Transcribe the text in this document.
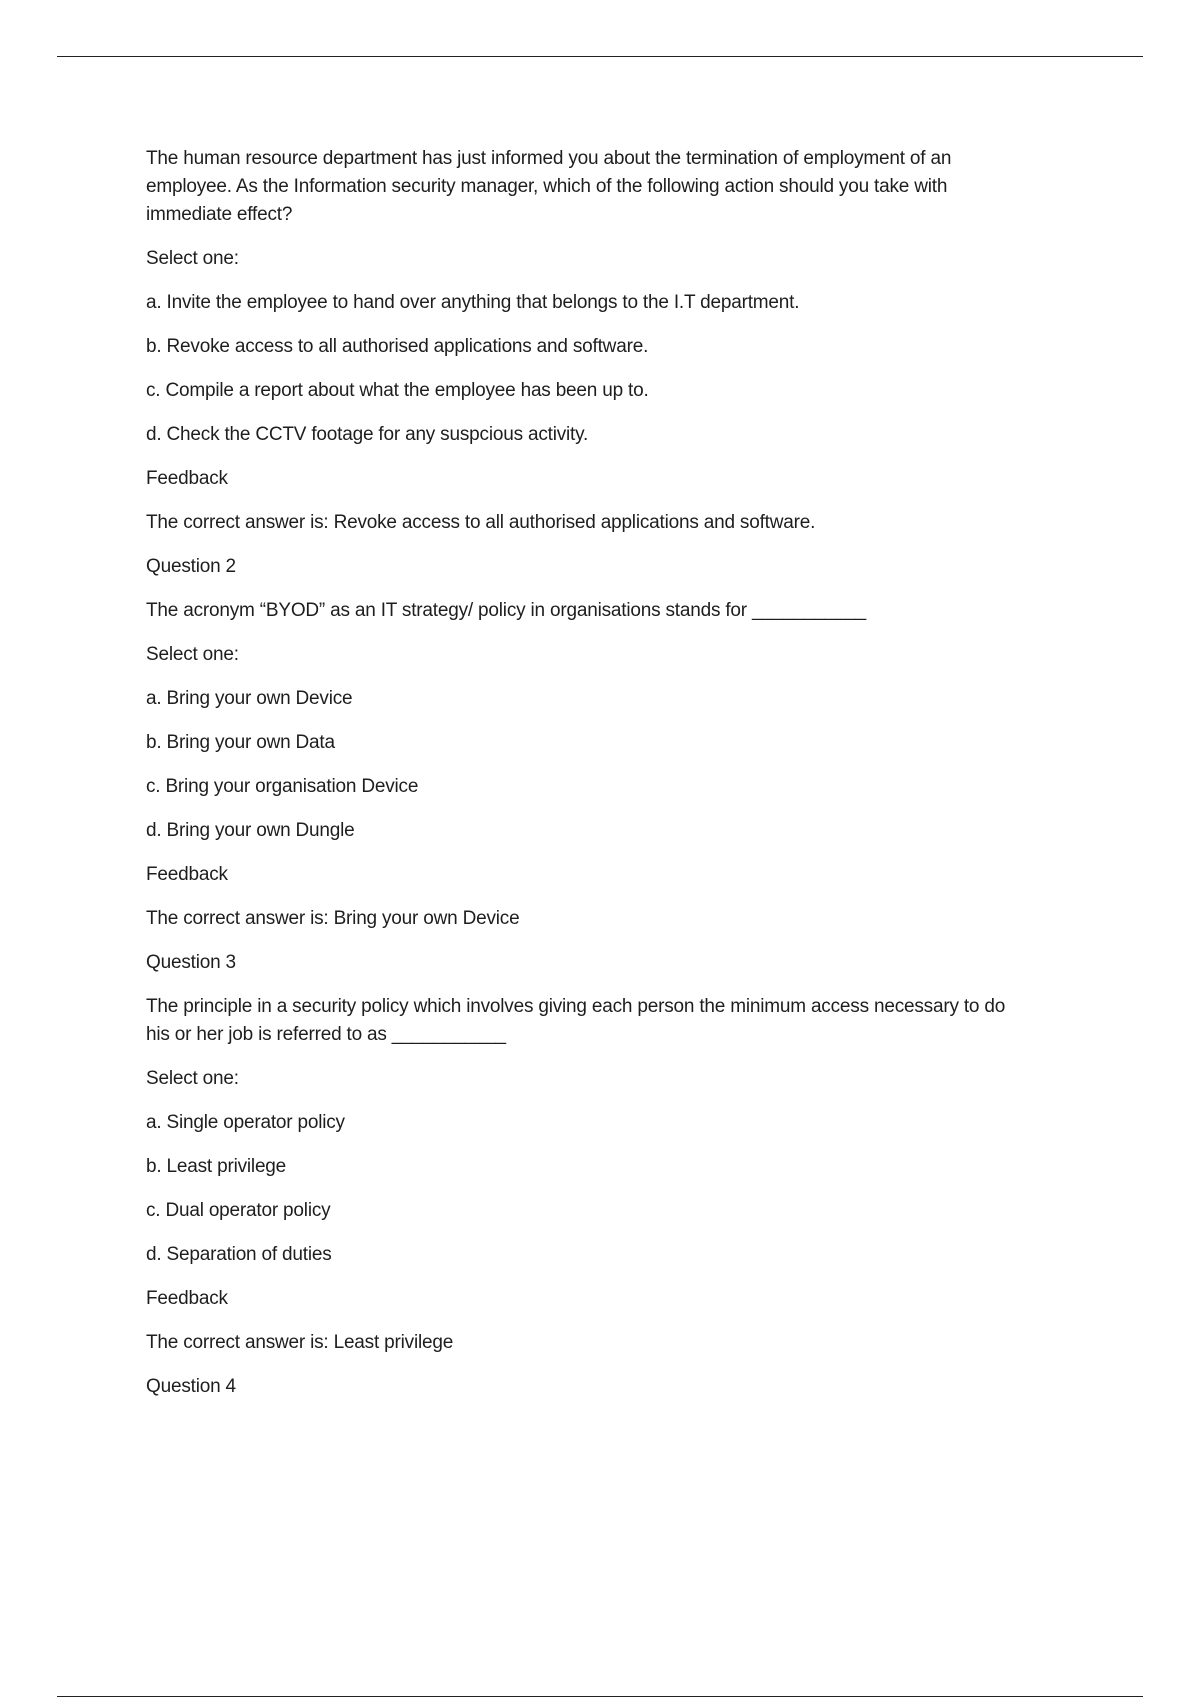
The human resource department has just informed you about the termination of employment of an
employee. As the Information security manager, which of the following action should you take with
immediate effect?
Select one:
a. Invite the employee to hand over anything that belongs to the I.T department.
b. Revoke access to all authorised applications and software.
c. Compile a report about what the employee has been up to.
d. Check the CCTV footage for any suspcious activity.
Feedback
The correct answer is: Revoke access to all authorised applications and software.
Question 2
The acronym “BYOD” as an IT strategy/ policy in organisations stands for ___________
Select one:
a. Bring your own Device
b. Bring your own Data
c. Bring your organisation Device
d. Bring your own Dungle
Feedback
The correct answer is: Bring your own Device
Question 3
The principle in a security policy which involves giving each person the minimum access necessary to do
his or her job is referred to as ___________
Select one:
a. Single operator policy
b. Least privilege
c. Dual operator policy
d. Separation of duties
Feedback
The correct answer is: Least privilege
Question 4
